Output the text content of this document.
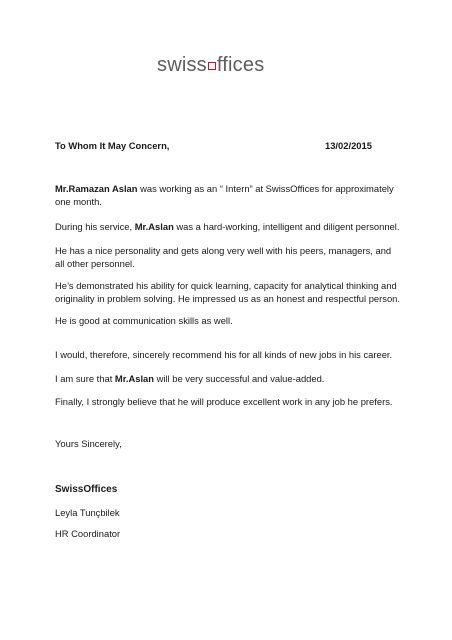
swiss ffices
To Whom It May Concern,	13/02/2015
Mr.Ramazan Aslan was working as an “ Intern” at SwissOffices for approximately one month.
During his service, Mr.Aslan was a hard-working, intelligent and diligent personnel.
He has a nice personality and gets along very well with his peers, managers, and all other personnel.
He’s demonstrated his ability for quick learning, capacity for analytical thinking and originality in problem solving. He impressed us as an honest and respectful person.
He is good at communication skills as well.
I would, therefore, sincerely recommend his for all kinds of new jobs in his career.
I am sure that Mr.Aslan will be very successful and value-added.
Finally, I strongly believe that he will produce excellent work in any job he prefers.
Yours Sincerely,
SwissOffices
Leyla Tunçbilek
HR Coordinator
